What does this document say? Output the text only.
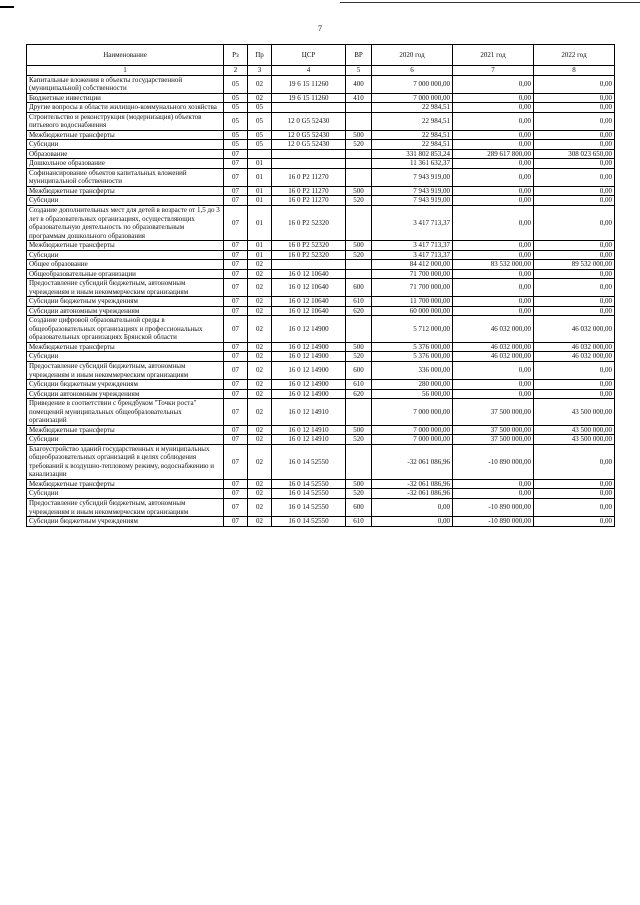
7
Наименование	Рз	Пр	ЦСР	ВР	2020 год	2021 год	2022 год
1	2	3	4	5	6	7	8
Капитальные вложения в объекты государственной (муниципальной) собственности	05	02	19 6 15 11260	400	7 000 000,00	0,00	0,00
Бюджетные инвестиции	05	02	19 6 15 11260	410	7 000 000,00	0,00	0,00
Другие вопросы в области жилищно-коммунального хозяйства	05	05			22 984,51	0,00	0,00
Строительство и реконструкция (модернизация) объектов питьевого водоснабжения	05	05	12 0 G5 52430		22 984,51	0,00	0,00
Межбюджетные трансферты	05	05	12 0 G5 52430	500	22 984,51	0,00	0,00
Субсидии	05	05	12 0 G5 52430	520	22 984,51	0,00	0,00
Образование	07				331 802 853,24	289 617 800,00	308 023 650,00
Дошкольное образование	07	01			11 361 632,37	0,00	0,00
Софинансирование объектов капитальных вложений муниципальной собственности	07	01	16 0 P2 11270		7 943 919,00	0,00	0,00
Межбюджетные трансферты	07	01	16 0 P2 11270	500	7 943 919,00	0,00	0,00
Субсидии	07	01	16 0 P2 11270	520	7 943 919,00	0,00	0,00
Создание дополнительных мест для детей в возрасте от 1,5 до 3 лет в образовательных организациях, осуществляющих образовательную деятельность по образовательным программам дошкольного образования	07	01	16 0 P2 52320		3 417 713,37	0,00	0,00
Межбюджетные трансферты	07	01	16 0 P2 52320	500	3 417 713,37	0,00	0,00
Субсидии	07	01	16 0 P2 52320	520	3 417 713,37	0,00	0,00
Общее образование	07	02			84 412 000,00	83 532 000,00	89 532 000,00
Общеобразовательные организации	07	02	16 0 12 10640		71 700 000,00	0,00	0,00
Предоставление субсидий бюджетным, автономным учреждениям и иным некоммерческим организациям	07	02	16 0 12 10640	600	71 700 000,00	0,00	0,00
Субсидии бюджетным учреждениям	07	02	16 0 12 10640	610	11 700 000,00	0,00	0,00
Субсидии автономным учреждениям	07	02	16 0 12 10640	620	60 000 000,00	0,00	0,00
Создание цифровой образовательной среды в общеобразовательных организациях и профессиональных образовательных организациях Брянской области	07	02	16 0 12 14900		5 712 000,00	46 032 000,00	46 032 000,00
Межбюджетные трансферты	07	02	16 0 12 14900	500	5 376 000,00	46 032 000,00	46 032 000,00
Субсидии	07	02	16 0 12 14900	520	5 376 000,00	46 032 000,00	46 032 000,00
Предоставление субсидий бюджетным, автономным учреждениям и иным некоммерческим организациям	07	02	16 0 12 14900	600	336 000,00	0,00	0,00
Субсидии бюджетным учреждениям	07	02	16 0 12 14900	610	280 000,00	0,00	0,00
Субсидии автономным учреждениям	07	02	16 0 12 14900	620	56 000,00	0,00	0,00
Приведение в соответствии с брендбуком "Точки роста" помещений муниципальных общеобразовательных организаций	07	02	16 0 12 14910		7 000 000,00	37 500 000,00	43 500 000,00
Межбюджетные трансферты	07	02	16 0 12 14910	500	7 000 000,00	37 500 000,00	43 500 000,00
Субсидии	07	02	16 0 12 14910	520	7 000 000,00	37 500 000,00	43 500 000,00
Благоустройство зданий государственных и муниципальных общеобразовательных организаций в целях соблюдения требований к воздушно-тепловому режиму, водоснабжению и канализации	07	02	16 0 14 52550		-32 061 086,96	-10 890 000,00	0,00
Межбюджетные трансферты	07	02	16 0 14 52550	500	-32 061 086,96	0,00	0,00
Субсидии	07	02	16 0 14 52550	520	-32 061 086,96	0,00	0,00
Предоставление субсидий бюджетным, автономным учреждениям и иным некоммерческим организациям	07	02	16 0 14 52550	600	0,00	-10 890 000,00	0,00
Субсидии бюджетным учреждениям	07	02	16 0 14 52550	610	0,00	-10 890 000,00	0,00
